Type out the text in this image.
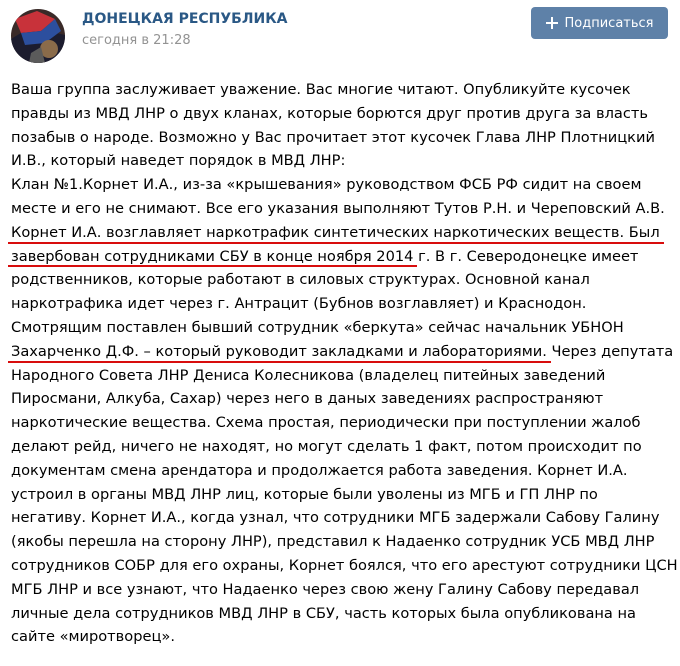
ДОНЕЦКАЯ РЕСПУБЛИКА
сегодня в 21:28
Подписаться
Ваша группа заслуживает уважение. Вас многие читают. Опубликуйте кусочек
правды из МВД ЛНР о двух кланах, которые борются друг против друга за власть
позабыв о народе. Возможно у Вас прочитает этот кусочек Глава ЛНР Плотницкий
И.В., который наведет порядок в МВД ЛНР:
Клан №1.Корнет И.А., из-за «крышевания» руководством ФСБ РФ сидит на своем
месте и его не снимают. Все его указания выполняют Тутов Р.Н. и Череповский А.В.
Корнет И.А. возглавляет наркотрафик синтетических наркотических веществ. Был
завербован сотрудниками СБУ в конце ноября 2014 г. В г. Северодонецке имеет
родственников, которые работают в силовых структурах. Основной канал
наркотрафика идет через г. Антрацит (Бубнов возглавляет) и Краснодон.
Смотрящим поставлен бывший сотрудник «беркута» сейчас начальник УБНОН
Захарченко Д.Ф. – который руководит закладками и лабораториями. Через депутата
Народного Совета ЛНР Дениса Колесникова (владелец питейных заведений
Пиросмани, Алкуба, Сахар) через него в даных заведениях распространяют
наркотические вещества. Схема простая, периодически при поступлении жалоб
делают рейд, ничего не находят, но могут сделать 1 факт, потом происходит по
документам смена арендатора и продолжается работа заведения. Корнет И.А.
устроил в органы МВД ЛНР лиц, которые были уволены из МГБ и ГП ЛНР по
негативу. Корнет И.А., когда узнал, что сотрудники МГБ задержали Сабову Галину
(якобы перешла на сторону ЛНР), представил к Надаенко сотрудник УСБ МВД ЛНР
сотрудников СОБР для его охраны, Корнет боялся, что его арестуют сотрудники ЦСН
МГБ ЛНР и все узнают, что Надаенко через свою жену Галину Сабову передавал
личные дела сотрудников МВД ЛНР в СБУ, часть которых была опубликована на
сайте «миротворец».
